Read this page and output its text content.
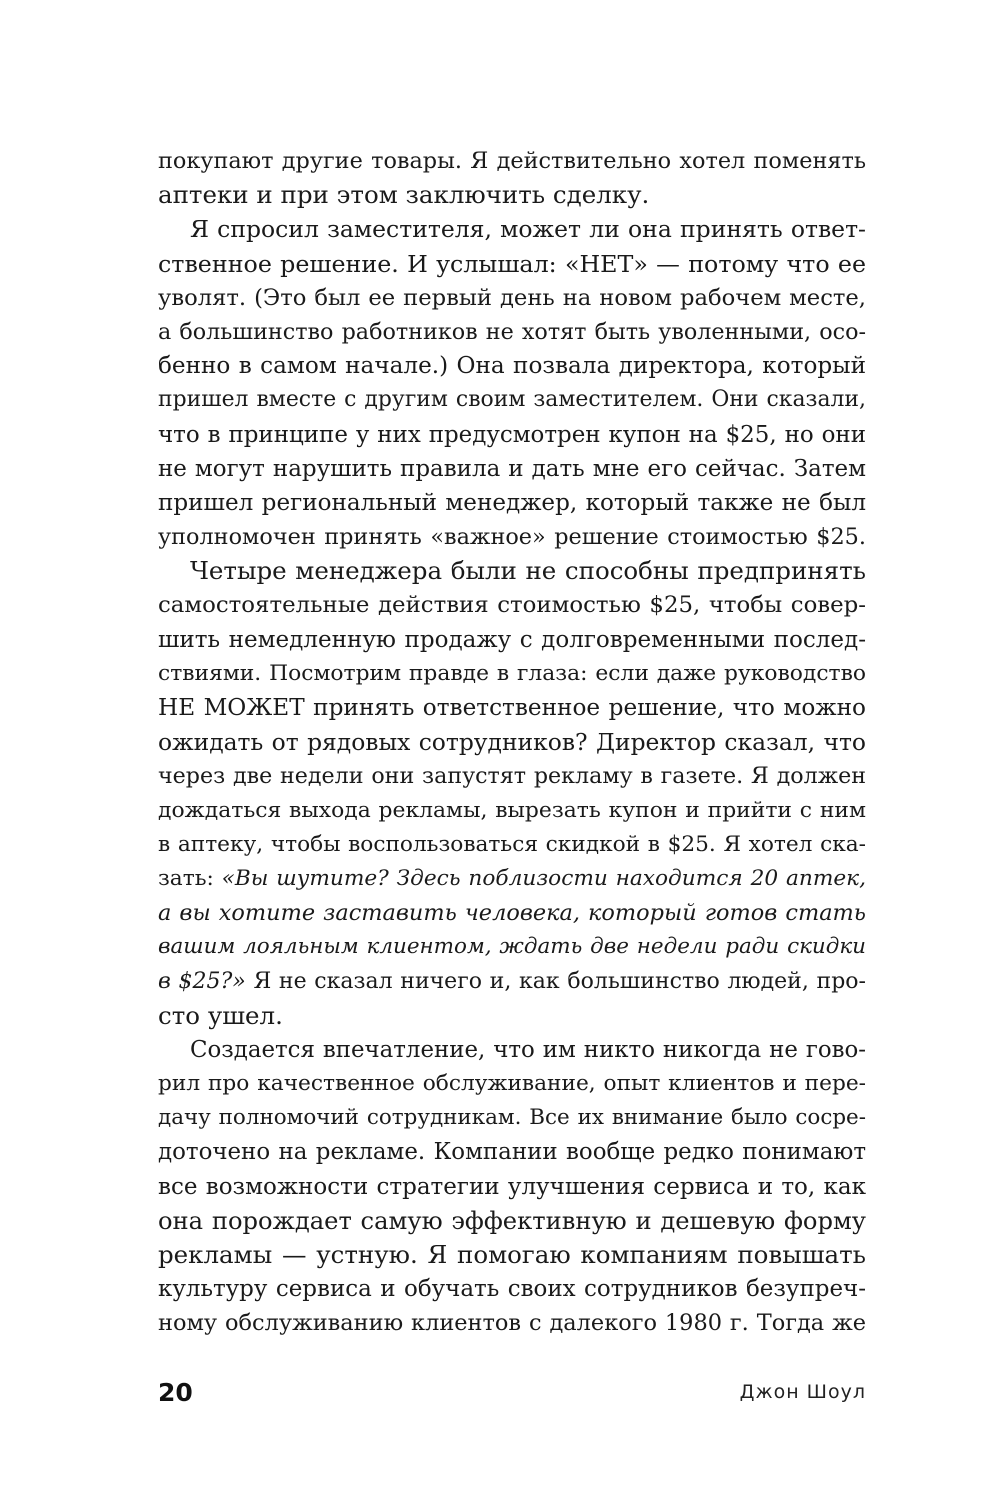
покупают другие товары. Я действительно хотел поменять
аптеки и при этом заключить сделку.
Я спросил заместителя, может ли она принять ответ-
ственное решение. И услышал: «НЕТ» — потому что ее
уволят. (Это был ее первый день на новом рабочем месте,
а большинство работников не хотят быть уволенными, осо-
бенно в самом начале.) Она позвала директора, который
пришел вместе с другим своим заместителем. Они сказали,
что в принципе у них предусмотрен купон на $25, но они
не могут нарушить правила и дать мне его сейчас. Затем
пришел региональный менеджер, который также не был
уполномочен принять «важное» решение стоимостью $25.
Четыре менеджера были не способны предпринять
самостоятельные действия стоимостью $25, чтобы совер-
шить немедленную продажу с долговременными послед-
ствиями. Посмотрим правде в глаза: если даже руководство
НЕ МОЖЕТ принять ответственное решение, что можно
ожидать от рядовых сотрудников? Директор сказал, что
через две недели они запустят рекламу в газете. Я должен
дождаться выхода рекламы, вырезать купон и прийти с ним
в аптеку, чтобы воспользоваться скидкой в $25. Я хотел ска-
зать: «Вы шутите? Здесь поблизости находится 20 аптек,
а вы хотите заставить человека, который готов стать
вашим лояльным клиентом, ждать две недели ради скидки
в $25?» Я не сказал ничего и, как большинство людей, про-
сто ушел.
Создается впечатление, что им никто никогда не гово-
рил про качественное обслуживание, опыт клиентов и пере-
дачу полномочий сотрудникам. Все их внимание было сосре-
доточено на рекламе. Компании вообще редко понимают
все возможности стратегии улучшения сервиса и то, как
она порождает самую эффективную и дешевую форму
рекламы — устную. Я помогаю компаниям повышать
культуру сервиса и обучать своих сотрудников безупреч-
ному обслуживанию клиентов с далекого 1980 г. Тогда же
20	Джон Шоул
